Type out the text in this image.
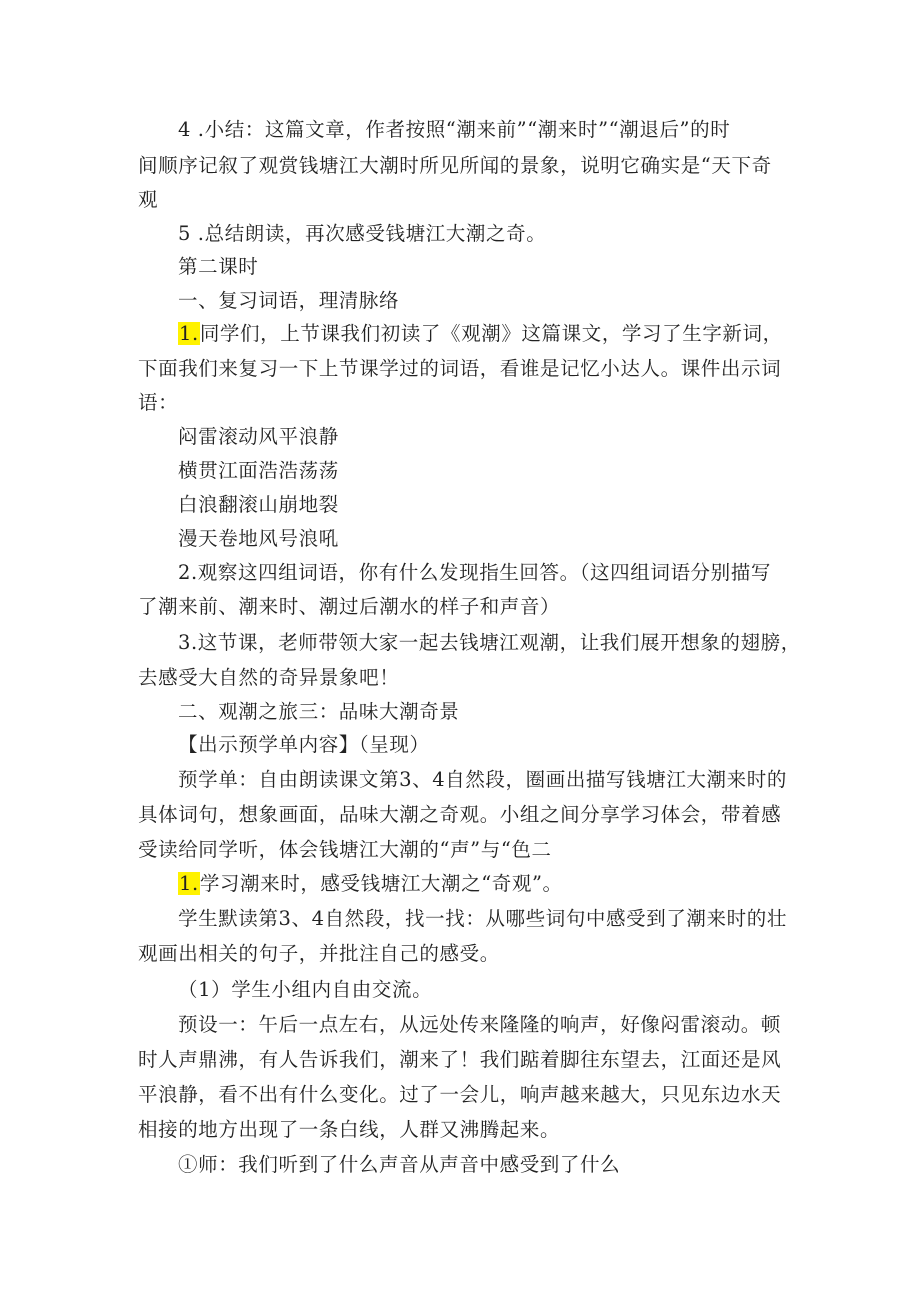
4 .小结：这篇文章，作者按照“潮来前”“潮来时”“潮退后”的时
间顺序记叙了观赏钱塘江大潮时所见所闻的景象，说明它确实是“天下奇
观
5 .总结朗读，再次感受钱塘江大潮之奇。
第二课时
一、复习词语，理清脉络
1.同学们，上节课我们初读了《观潮》这篇课文，学习了生字新词，
下面我们来复习一下上节课学过的词语，看谁是记忆小达人。课件出示词
语：
闷雷滚动风平浪静
横贯江面浩浩荡荡
白浪翻滚山崩地裂
漫天卷地风号浪吼
2.观察这四组词语，你有什么发现指生回答。（这四组词语分别描写
了潮来前、潮来时、潮过后潮水的样子和声音）
3.这节课，老师带领大家一起去钱塘江观潮，让我们展开想象的翅膀，
去感受大自然的奇异景象吧！
二、观潮之旅三：品味大潮奇景
【出示预学单内容】（呈现）
预学单：自由朗读课文第3、4自然段，圈画出描写钱塘江大潮来时的
具体词句，想象画面，品味大潮之奇观。小组之间分享学习体会，带着感
受读给同学听，体会钱塘江大潮的“声”与“色二
1.学习潮来时，感受钱塘江大潮之“奇观”。
学生默读第3、4自然段，找一找：从哪些词句中感受到了潮来时的壮
观画出相关的句子，并批注自己的感受。
（1）学生小组内自由交流。
预设一：午后一点左右，从远处传来隆隆的响声，好像闷雷滚动。顿
时人声鼎沸，有人告诉我们，潮来了！我们踮着脚往东望去，江面还是风
平浪静，看不出有什么变化。过了一会儿，响声越来越大，只见东边水天
相接的地方出现了一条白线，人群又沸腾起来。
①师：我们听到了什么声音从声音中感受到了什么
